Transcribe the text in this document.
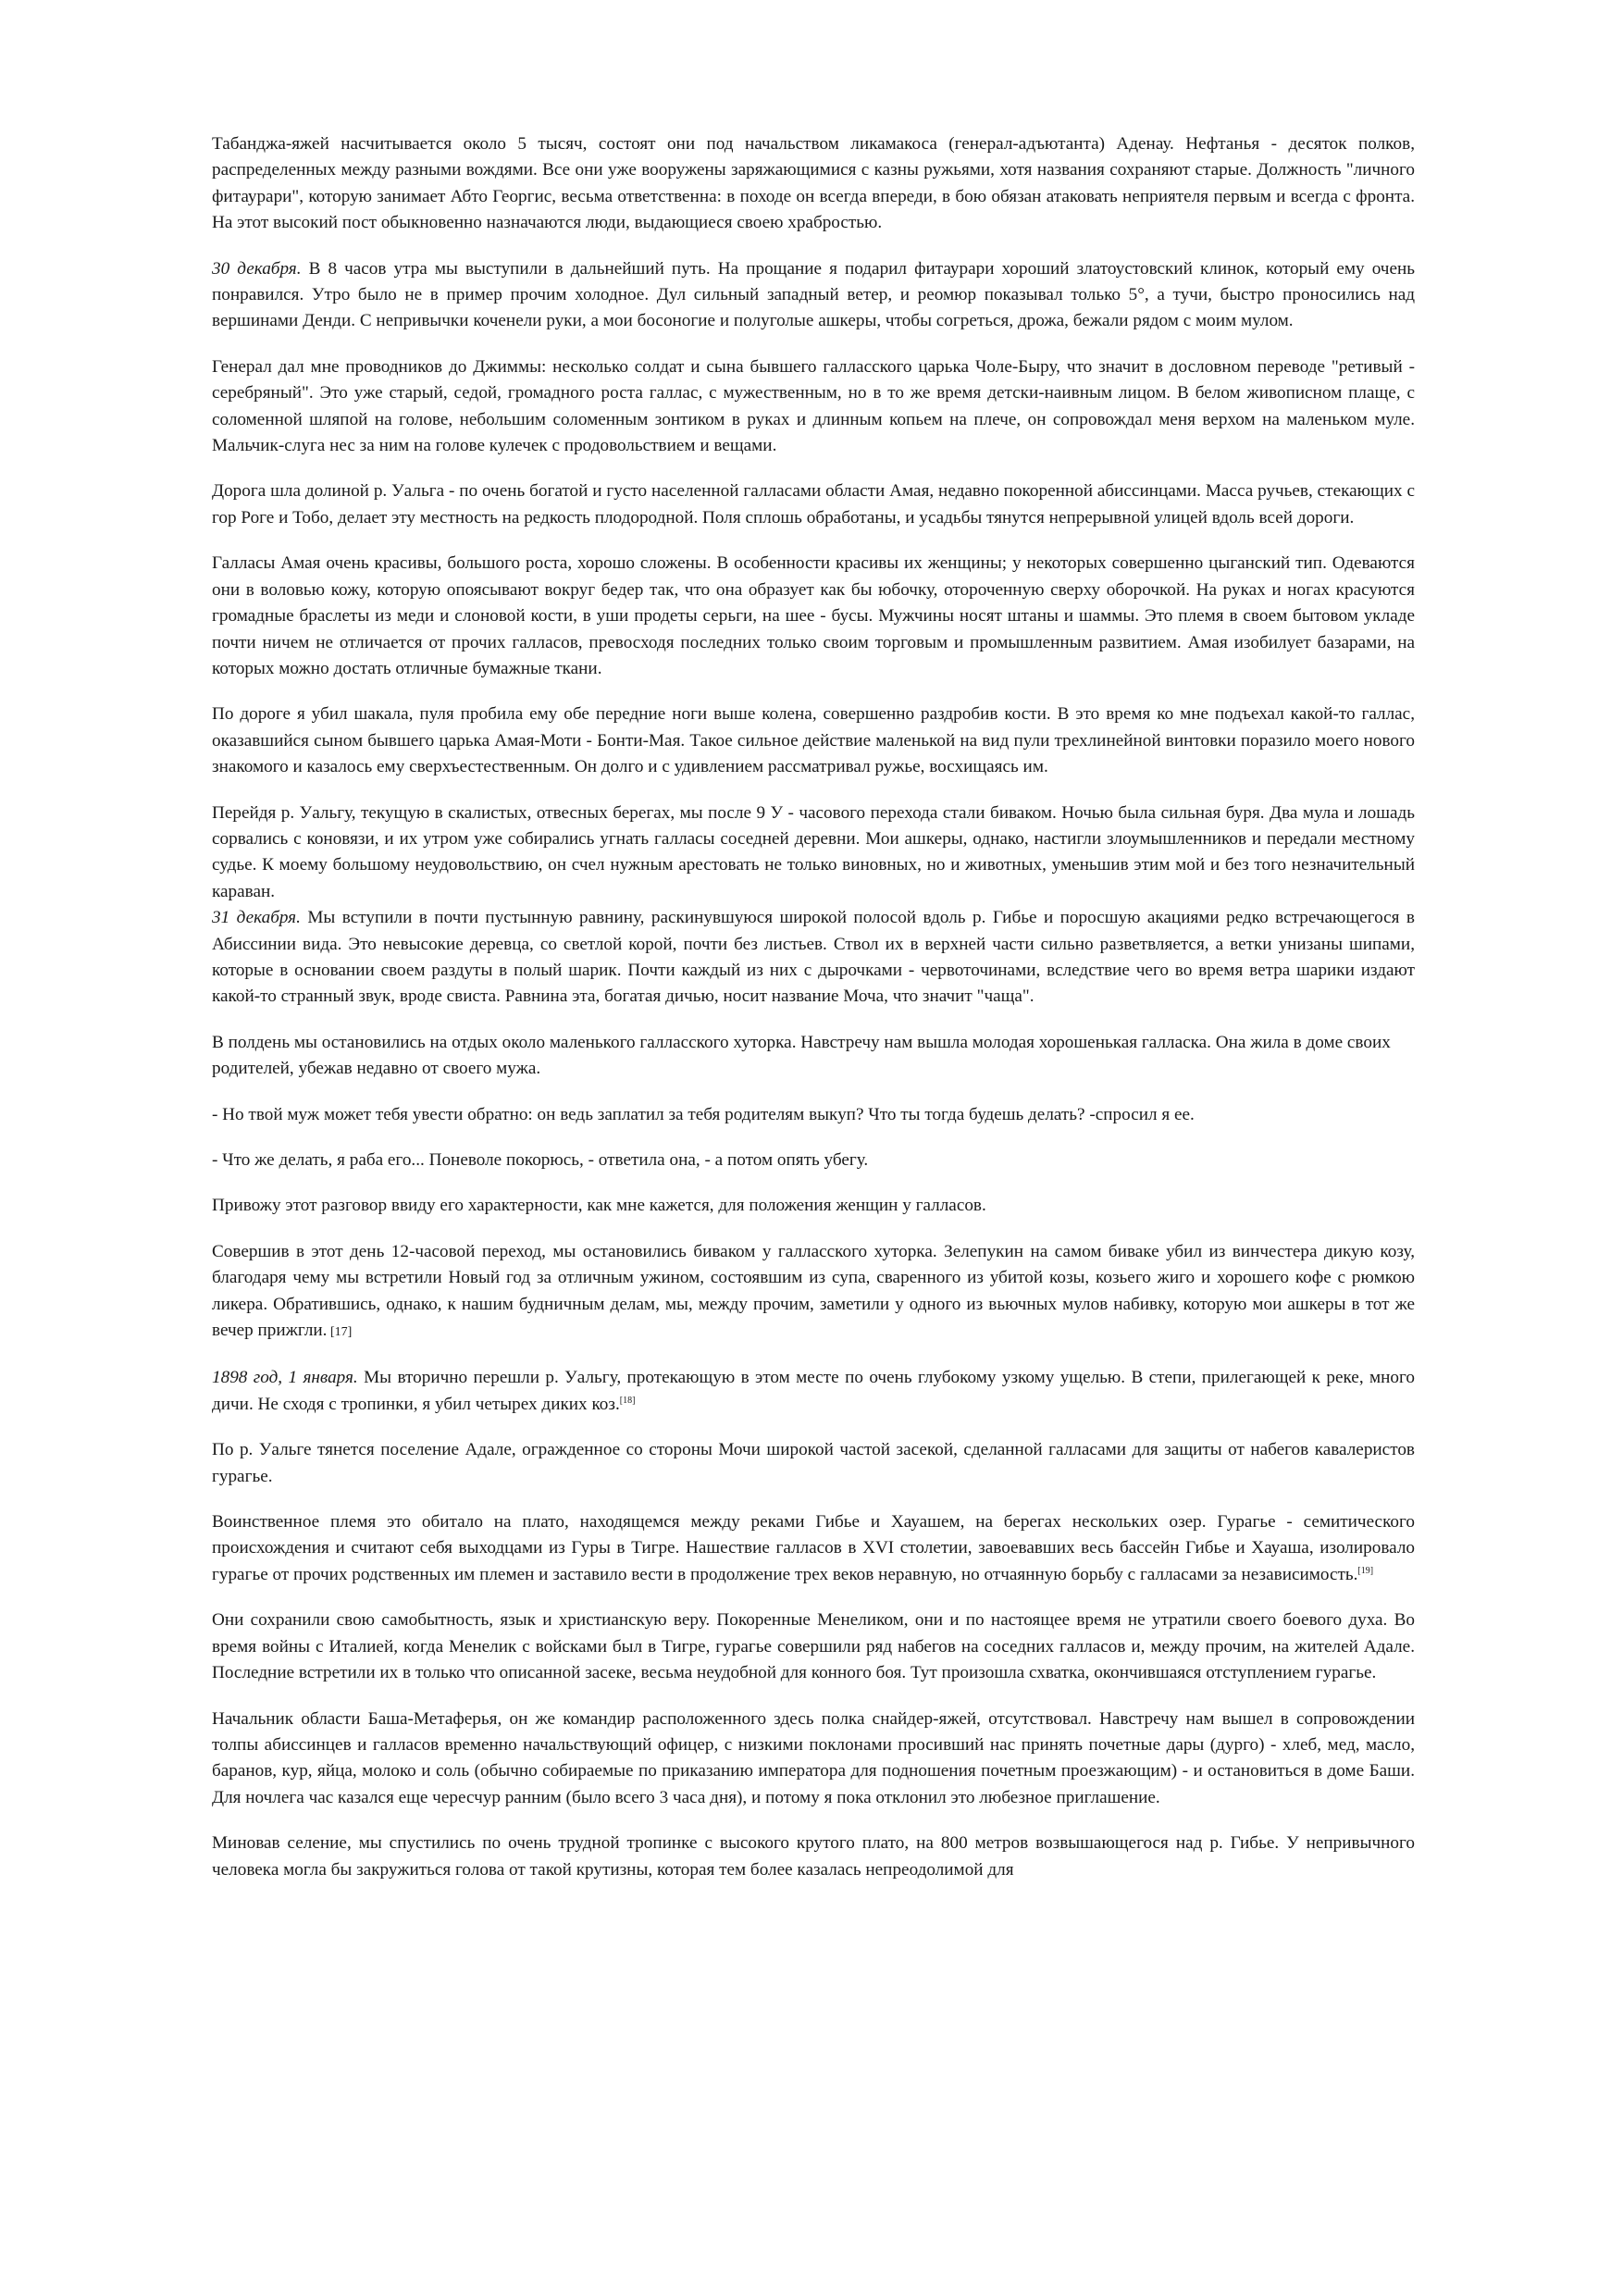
Табанджа-яжей насчитывается около 5 тысяч, состоят они под начальством ликамакоса (генерал-адъютанта) Аденау. Нефтанья - десяток полков, распределенных между разными вождями. Все они уже вооружены заряжающимися с казны ружьями, хотя названия сохраняют старые. Должность "личного фитаурари", которую занимает Абто Георгис, весьма ответственна: в походе он всегда впереди, в бою обязан атаковать неприятеля первым и всегда с фронта. На этот высокий пост обыкновенно назначаются люди, выдающиеся своею храбростью.

30 декабря. В 8 часов утра мы выступили в дальнейший путь. На прощание я подарил фитаурари хороший златоустовский клинок, который ему очень понравился. Утро было не в пример прочим холодное. Дул сильный западный ветер, и реомюр показывал только 5°, а тучи, быстро проносились над вершинами Денди. С непривычки коченели руки, а мои босоногие и полуголые ашкеры, чтобы согреться, дрожа, бежали рядом с моим мулом.

Генерал дал мне проводников до Джиммы: несколько солдат и сына бывшего галласского царька Чоле-Быру, что значит в дословном переводе "ретивый - серебряный". Это уже старый, седой, громадного роста галлас, с мужественным, но в то же время детски-наивным лицом. В белом живописном плаще, с соломенной шляпой на голове, небольшим соломенным зонтиком в руках и длинным копьем на плече, он сопровождал меня верхом на маленьком муле. Мальчик-слуга нес за ним на голове кулечек с продовольствием и вещами.

Дорога шла долиной р. Уальга - по очень богатой и густо населенной галласами области Амая, недавно покоренной абиссинцами. Масса ручьев, стекающих с гор Роге и Тобо, делает эту местность на редкость плодородной. Поля сплошь обработаны, и усадьбы тянутся непрерывной улицей вдоль всей дороги.

Галласы Амая очень красивы, большого роста, хорошо сложены. В особенности красивы их женщины; у некоторых совершенно цыганский тип. Одеваются они в воловью кожу, которую опоясывают вокруг бедер так, что она образует как бы юбочку, отороченную сверху оборочкой. На руках и ногах красуются громадные браслеты из меди и слоновой кости, в уши продеты серьги, на шее - бусы. Мужчины носят штаны и шаммы. Это племя в своем бытовом укладе почти ничем не отличается от прочих галласов, превосходя последних только своим торговым и промышленным развитием. Амая изобилует базарами, на которых можно достать отличные бумажные ткани.

По дороге я убил шакала, пуля пробила ему обе передние ноги выше колена, совершенно раздробив кости. В это время ко мне подъехал какой-то галлас, оказавшийся сыном бывшего царька Амая-Моти - Бонти-Мая. Такое сильное действие маленькой на вид пули трехлинейной винтовки поразило моего нового знакомого и казалось ему сверхъестественным. Он долго и с удивлением рассматривал ружье, восхищаясь им.

Перейдя р. Уальгу, текущую в скалистых, отвесных берегах, мы после 9 У - часового перехода стали биваком. Ночью была сильная буря. Два мула и лошадь сорвались с коновязи, и их утром уже собирались угнать галласы соседней деревни. Мои ашкеры, однако, настигли злоумышленников и передали местному судье. К моему большому неудовольствию, он счел нужным арестовать не только виновных, но и животных, уменьшив этим мой и без того незначительный караван.

31 декабря. Мы вступили в почти пустынную равнину, раскинувшуюся широкой полосой вдоль р. Гибье и поросшую акациями редко встречающегося в Абиссинии вида. Это невысокие деревца, со светлой корой, почти без листьев. Ствол их в верхней части сильно разветвляется, а ветки унизаны шипами, которые в основании своем раздуты в полый шарик. Почти каждый из них с дырочками - червоточинами, вследствие чего во время ветра шарики издают какой-то странный звук, вроде свиста. Равнина эта, богатая дичью, носит название Моча, что значит "чаща".

В полдень мы остановились на отдых около маленького галласского хуторка. Навстречу нам вышла молодая хорошенькая галласка. Она жила в доме своих родителей, убежав недавно от своего мужа.

- Но твой муж может тебя увести обратно: он ведь заплатил за тебя родителям выкуп? Что ты тогда будешь делать? -спросил я ее.

- Что же делать, я раба его... Поневоле покорюсь, - ответила она, - а потом опять убегу.

Привожу этот разговор ввиду его характерности, как мне кажется, для положения женщин у галласов.

Совершив в этот день 12-часовой переход, мы остановились биваком у галласского хуторка. Зелепукин на самом биваке убил из винчестера дикую козу, благодаря чему мы встретили Новый год за отличным ужином, состоявшим из супа, сваренного из убитой козы, козьего жиго и хорошего кофе с рюмкою ликера. Обратившись, однако, к нашим будничным делам, мы, между прочим, заметили у одного из вьючных мулов набивку, которую мои ашкеры в тот же вечер прижгли. [17]

1898 год, 1 января. Мы вторично перешли р. Уальгу, протекающую в этом месте по очень глубокому узкому ущелью. В степи, прилегающей к реке, много дичи. Не сходя с тропинки, я убил четырех диких коз.[18]

По р. Уальге тянется поселение Адале, огражденное со стороны Мочи широкой частой засекой, сделанной галласами для защиты от набегов кавалеристов гурагье.

Воинственное племя это обитало на плато, находящемся между реками Гибье и Хауашем, на берегах нескольких озер. Гурагье - семитического происхождения и считают себя выходцами из Гуры в Тигре. Нашествие галласов в XVI столетии, завоевавших весь бассейн Гибье и Хауаша, изолировало гурагье от прочих родственных им племен и заставило вести в продолжение трех веков неравную, но отчаянную борьбу с галласами за независимость.[19]

Они сохранили свою самобытность, язык и христианскую веру. Покоренные Менеликом, они и по настоящее время не утратили своего боевого духа. Во время войны с Италией, когда Менелик с войсками был в Тигре, гурагье совершили ряд набегов на соседних галласов и, между прочим, на жителей Адале. Последние встретили их в только что описанной засеке, весьма неудобной для конного боя. Тут произошла схватка, окончившаяся отступлением гурагье.

Начальник области Баша-Метаферья, он же командир расположенного здесь полка снайдер-яжей, отсутствовал. Навстречу нам вышел в сопровождении толпы абиссинцев и галласов временно начальствующий офицер, с низкими поклонами просивший нас принять почетные дары (дурго) - хлеб, мед, масло, баранов, кур, яйца, молоко и соль (обычно собираемые по приказанию императора для подношения почетным проезжающим) - и остановиться в доме Баши. Для ночлега час казался еще чересчур ранним (было всего 3 часа дня), и потому я пока отклонил это любезное приглашение.

Миновав селение, мы спустились по очень трудной тропинке с высокого крутого плато, на 800 метров возвышающегося над р. Гибье. У непривычного человека могла бы закружиться голова от такой крутизны, которая тем более казалась непреодолимой для
